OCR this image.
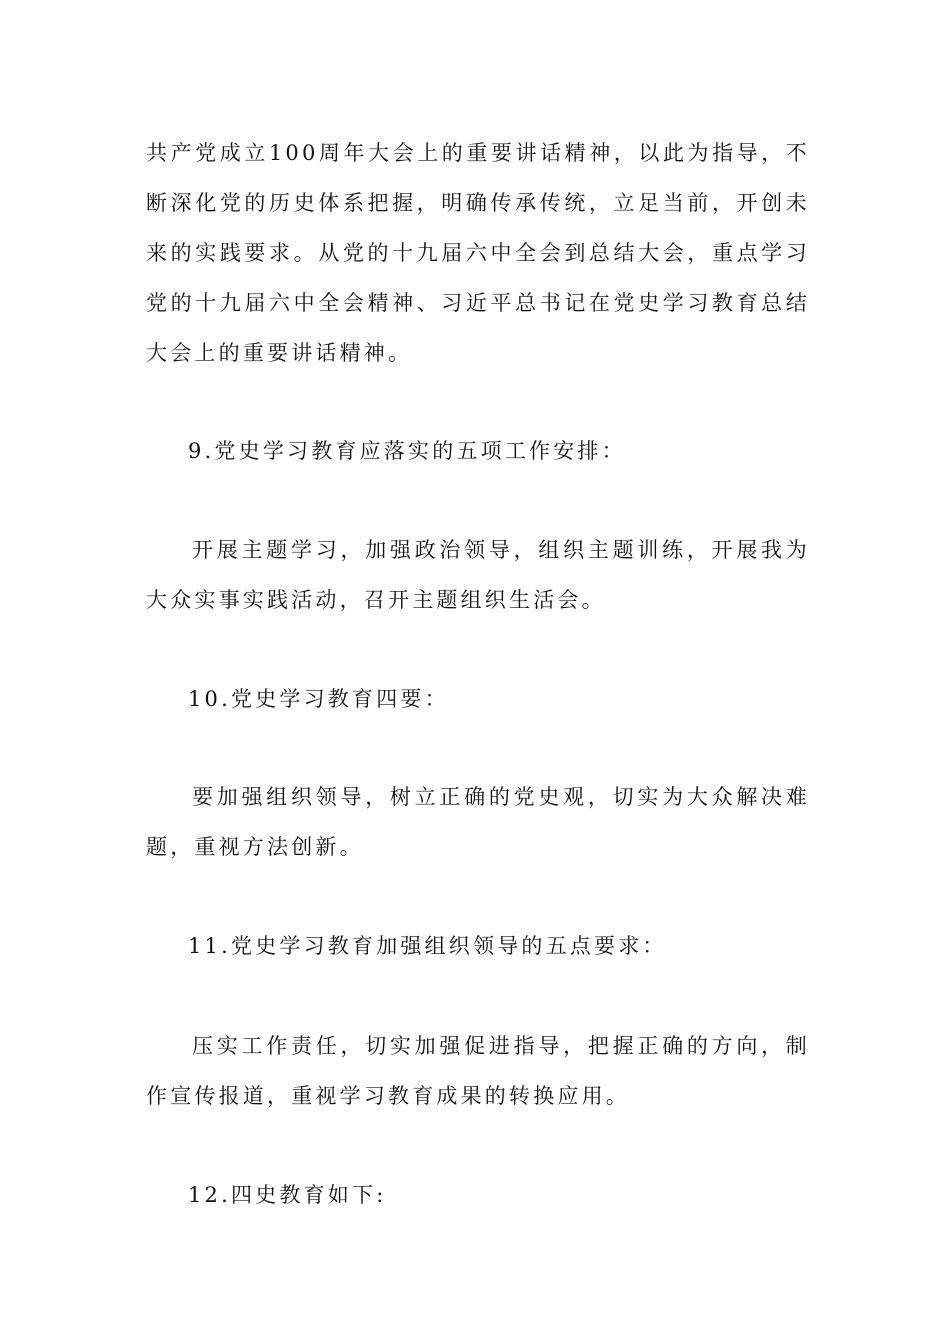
共产党成立100周年大会上的重要讲话精神，以此为指导，不断深化党的历史体系把握，明确传承传统，立足当前，开创未来的实践要求。从党的十九届六中全会到总结大会，重点学习党的十九届六中全会精神、习近平总书记在党史学习教育总结大会上的重要讲话精神。

9.党史学习教育应落实的五项工作安排：

开展主题学习，加强政治领导，组织主题训练，开展我为大众实事实践活动，召开主题组织生活会。

10.党史学习教育四要：

要加强组织领导，树立正确的党史观，切实为大众解决难题，重视方法创新。

11.党史学习教育加强组织领导的五点要求：

压实工作责任，切实加强促进指导，把握正确的方向，制作宣传报道，重视学习教育成果的转换应用。

12.四史教育如下:
